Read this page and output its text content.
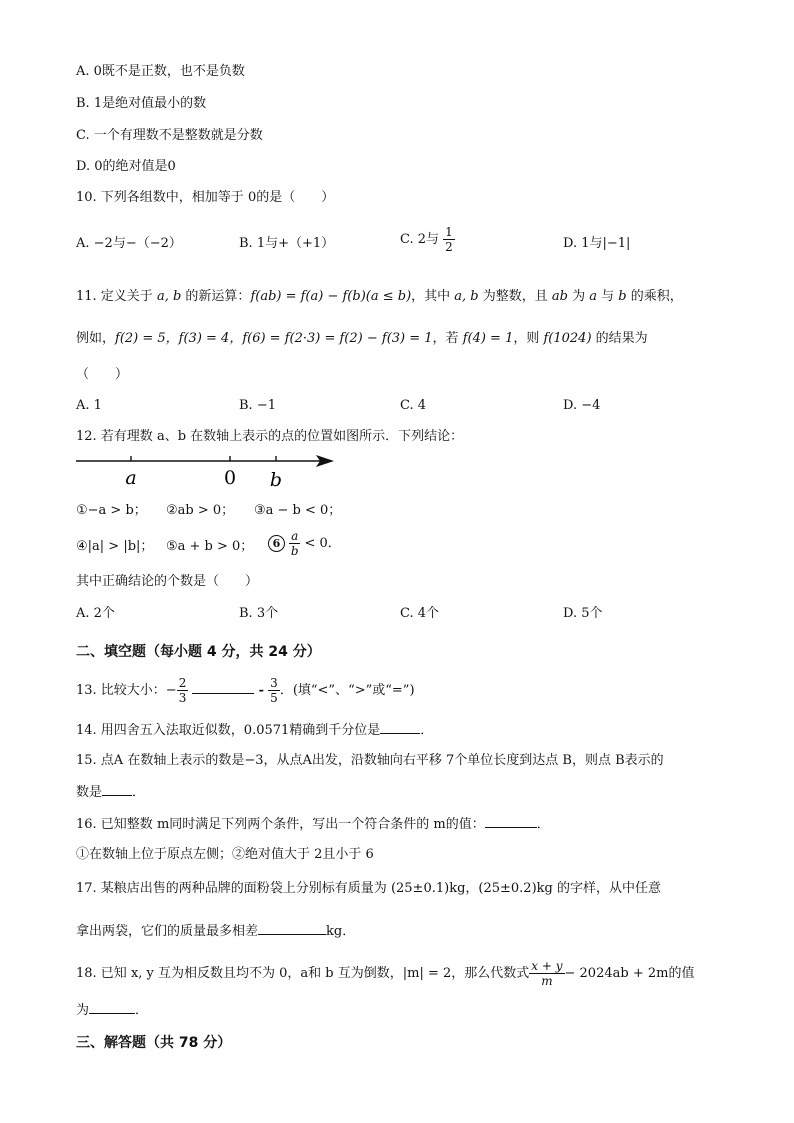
A. 0既不是正数，也不是负数
B. 1是绝对值最小的数
C. 一个有理数不是整数就是分数
D. 0的绝对值是0
10. 下列各组数中，相加等于 0的是（　　）
A. −2与−（−2）	B. 1与+（+1）	C. 2与 $\frac{1}{2}$	D. 1与|−1|
11. 定义关于 a, b 的新运算：f(ab) = f(a) − f(b)(a ≤ b)，其中 a, b 为整数，且 ab 为 a 与 b 的乘积，
例如，f(2) = 5，f(3) = 4，f(6) = f(2·3) = f(2) − f(3) = 1，若 f(4) = 1，则 f(1024) 的结果为
（　　）
A. 1	B. −1	C. 4	D. −4
12. 若有理数 a、b 在数轴上表示的点的位置如图所示．下列结论：
a	0 b
①−a > b； ②ab > 0； ③a − b < 0；
④|a| > |b|； ⑤a + b > 0；	$6 \frac{a}{b} < 0$．
其中正确结论的个数是（　　）
A. 2个	B. 3个	C. 4个	D. 5个
二、填空题（每小题 4 分，共 24 分）
13. 比较大小：− $\frac{2}{3}$	- $\frac{3}{5}$ ．(填“<”、“>”或“=”)
14. 用四舍五入法取近似数，0.0571精确到千分位是	．
15. 点A 在数轴上表示的数是−3，从点A出发，沿数轴向右平移 7个单位长度到达点 B，则点 B表示的
数是 ．
16. 已知整数 m同时满足下列两个条件，写出一个符合条件的 m的值：	．
①在数轴上位于原点左侧；②绝对值大于 2且小于 6
17. 某粮店出售的两种品牌的面粉袋上分别标有质量为 (25±0.1)kg，(25±0.2)kg 的字样，从中任意
拿出两袋，它们的质量最多相差	kg．
18. 已知 x, y 互为相反数且均不为 0，a和 b 互为倒数，|m| = 2，那么代数式 $\frac{x + y}{m} - 2024ab + 2m$的值
为	．
三、解答题（共 78 分）
